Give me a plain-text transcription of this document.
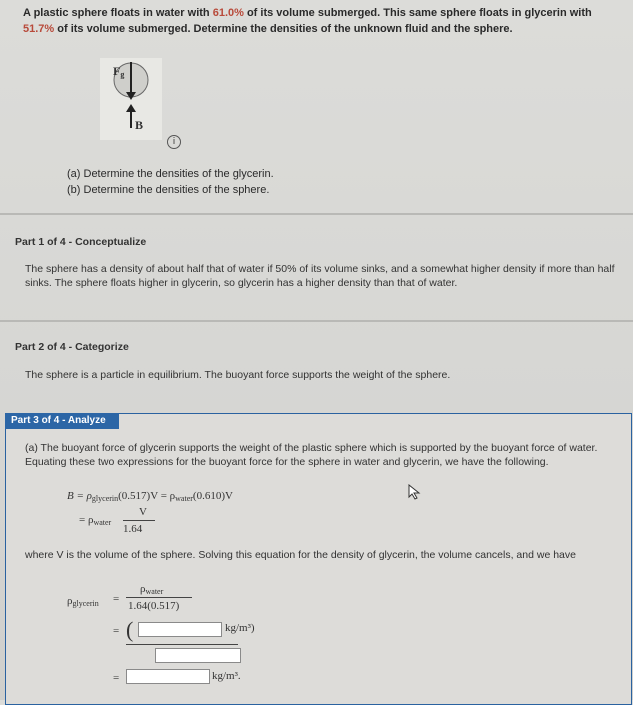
A plastic sphere floats in water with 61.0% of its volume submerged. This same sphere floats in glycerin with 51.7% of its volume submerged. Determine the densities of the unknown fluid and the sphere.
$F_g$
B
i
(a) Determine the densities of the glycerin.
(b) Determine the densities of the sphere.
Part 1 of 4 - Conceptualize
The sphere has a density of about half that of water if 50% of its volume sinks, and a somewhat higher density if more than half sinks. The sphere floats higher in glycerin, so glycerin has a higher density than that of water.
Part 2 of 4 - Categorize
The sphere is a particle in equilibrium. The buoyant force supports the weight of the sphere.
Part 3 of 4 - Analyze
(a) The buoyant force of glycerin supports the weight of the plastic sphere which is supported by the buoyant force of water. Equating these two expressions for the buoyant force for the sphere in water and glycerin, we have the following.
$B = \rho_{glycerin}(0.517)V = \rho_{water}(0.610)V$
= $\rho_{water}$
V
1.64
where V is the volume of the sphere. Solving this equation for the density of glycerin, the volume cancels, and we have
$\rho_{glycerin}$ =
$\rho_{water}$
1.64(0.517)
= (	kg/m³)
=	kg/m³.
